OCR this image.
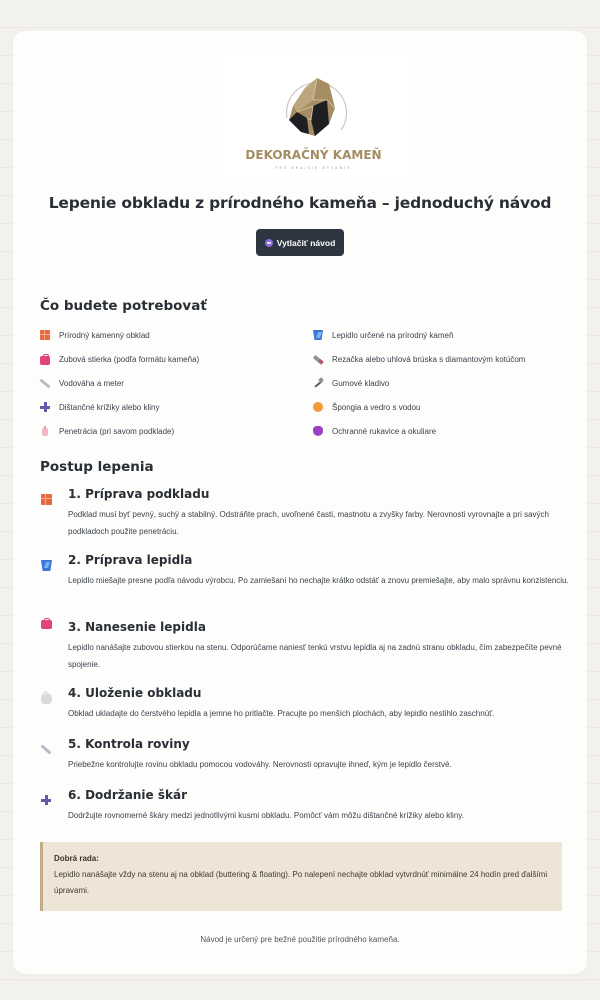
DEKORAČNÝ KAMEŇ
PRE KRAJŠIE BÝVANIE
Lepenie obkladu z prírodného kameňa – jednoduchý návod
Vytlačiť návod
Čo budete potrebovať
Prírodný kamenný obklad	Lepidlo určené na prírodný kameň
Zubová stierka (podľa formátu kameňa)	Rezačka alebo uhlová brúska s diamantovým kotúčom
Vodováha a meter	Gumové kladivo
Dištančné krížiky alebo kliny	Špongia a vedro s vodou
Penetrácia (pri savom podklade)	Ochranné rukavice a okuliare
Postup lepenia
1. Príprava podkladu
Podklad musí byť pevný, suchý a stabilný. Odstráňte prach, uvoľnené časti, mastnotu a zvyšky farby. Nerovnosti vyrovnajte a pri savých podkladoch použite penetráciu.
2. Príprava lepidla
Lepidlo miešajte presne podľa návodu výrobcu. Po zamiešaní ho nechajte krátko odstáť a znovu premiešajte, aby malo správnu konzistenciu.
3. Nanesenie lepidla
Lepidlo nanášajte zubovou stierkou na stenu. Odporúčame naniesť tenkú vrstvu lepidla aj na zadnú stranu obkladu, čím zabezpečíte pevné spojenie.
4. Uloženie obkladu
Obklad ukladajte do čerstvého lepidla a jemne ho pritlačte. Pracujte po menších plochách, aby lepidlo nestihlo zaschnúť.
5. Kontrola roviny
Priebežne kontrolujte rovinu obkladu pomocou vodováhy. Nerovnosti opravujte ihneď, kým je lepidlo čerstvé.
6. Dodržanie škár
Dodržujte rovnomerné škáry medzi jednotlivými kusmi obkladu. Pomôcť vám môžu dištančné krížiky alebo kliny.
Dobrá rada:
Lepidlo nanášajte vždy na stenu aj na obklad (buttering & floating). Po nalepení nechajte obklad vytvrdnúť minimálne 24 hodín pred ďalšími úpravami.
Návod je určený pre bežné použitie prírodného kameňa.
